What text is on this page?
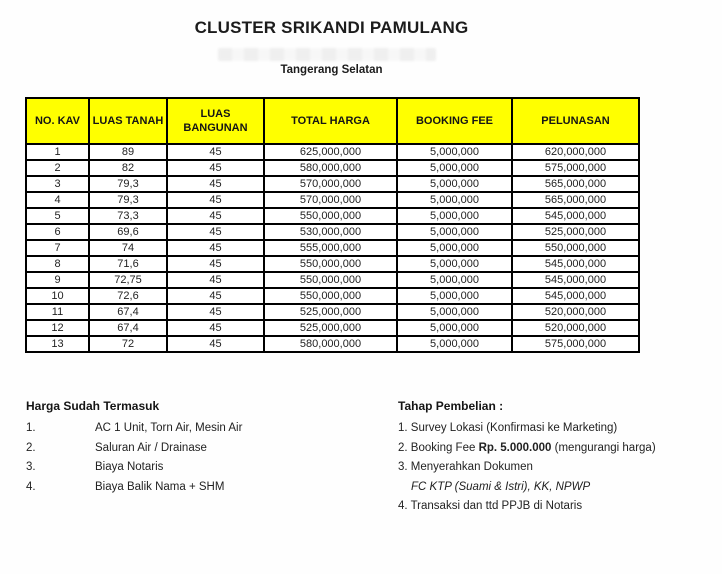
CLUSTER SRIKANDI PAMULANG
Tangerang Selatan
NO. KAV	LUAS TANAH	LUAS BANGUNAN	TOTAL HARGA	BOOKING FEE	PELUNASAN
1	89	45	625,000,000	5,000,000	620,000,000
2	82	45	580,000,000	5,000,000	575,000,000
3	79,3	45	570,000,000	5,000,000	565,000,000
4	79,3	45	570,000,000	5,000,000	565,000,000
5	73,3	45	550,000,000	5,000,000	545,000,000
6	69,6	45	530,000,000	5,000,000	525,000,000
7	74	45	555,000,000	5,000,000	550,000,000
8	71,6	45	550,000,000	5,000,000	545,000,000
9	72,75	45	550,000,000	5,000,000	545,000,000
10	72,6	45	550,000,000	5,000,000	545,000,000
11	67,4	45	525,000,000	5,000,000	520,000,000
12	67,4	45	525,000,000	5,000,000	520,000,000
13	72	45	580,000,000	5,000,000	575,000,000
Harga Sudah Termasuk
1.	AC 1 Unit, Torn Air, Mesin Air
2.	Saluran Air / Drainase
3.	Biaya Notaris
4.	Biaya Balik Nama + SHM
Tahap Pembelian :
1. Survey Lokasi (Konfirmasi ke Marketing)
2. Booking Fee Rp. 5.000.000 (mengurangi harga)
3. Menyerahkan Dokumen
FC KTP (Suami & Istri), KK, NPWP
4. Transaksi dan ttd PPJB di Notaris
